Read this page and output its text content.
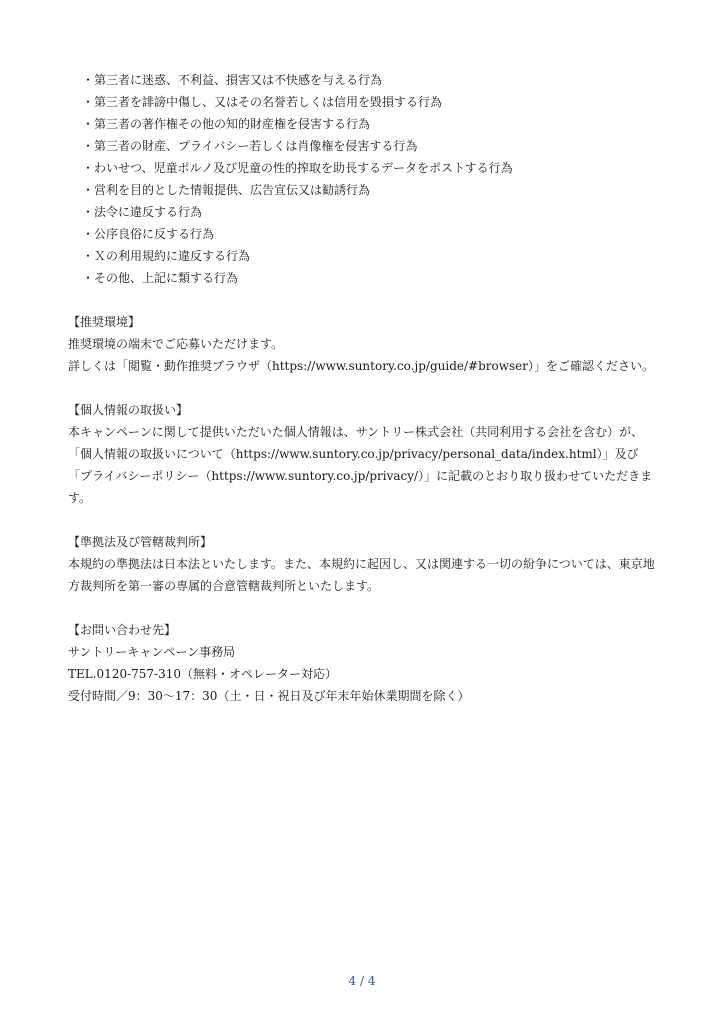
・第三者に迷惑、不利益、損害又は不快感を与える行為
・第三者を誹謗中傷し、又はその名誉若しくは信用を毀損する行為
・第三者の著作権その他の知的財産権を侵害する行為
・第三者の財産、プライバシー若しくは肖像権を侵害する行為
・わいせつ、児童ポルノ及び児童の性的搾取を助長するデータをポストする行為
・営利を目的とした情報提供、広告宣伝又は勧誘行為
・法令に違反する行為
・公序良俗に反する行為
・Ｘの利用規約に違反する行為
・その他、上記に類する行為

【推奨環境】

推奨環境の端末でご応募いただけます。

詳しくは「閲覧・動作推奨ブラウザ（https://www.suntory.co.jp/guide/#browser）」をご確認ください。

【個人情報の取扱い】

本キャンペーンに関して提供いただいた個人情報は、サントリー株式会社（共同利用する会社を含む）が、「個人情報の取扱いについて（https://www.suntory.co.jp/privacy/personal_data/index.html）」及び「プライバシーポリシー（https://www.suntory.co.jp/privacy/）」に記載のとおり取り扱わせていただきます。

【準拠法及び管轄裁判所】

本規約の準拠法は日本法といたします。また、本規約に起因し、又は関連する一切の紛争については、東京地方裁判所を第一審の専属的合意管轄裁判所といたします。

【お問い合わせ先】

サントリーキャンペーン事務局

TEL.0120-757-310（無料・オペレーター対応）

受付時間／9：30〜17：30（土・日・祝日及び年末年始休業期間を除く）

4 / 4
